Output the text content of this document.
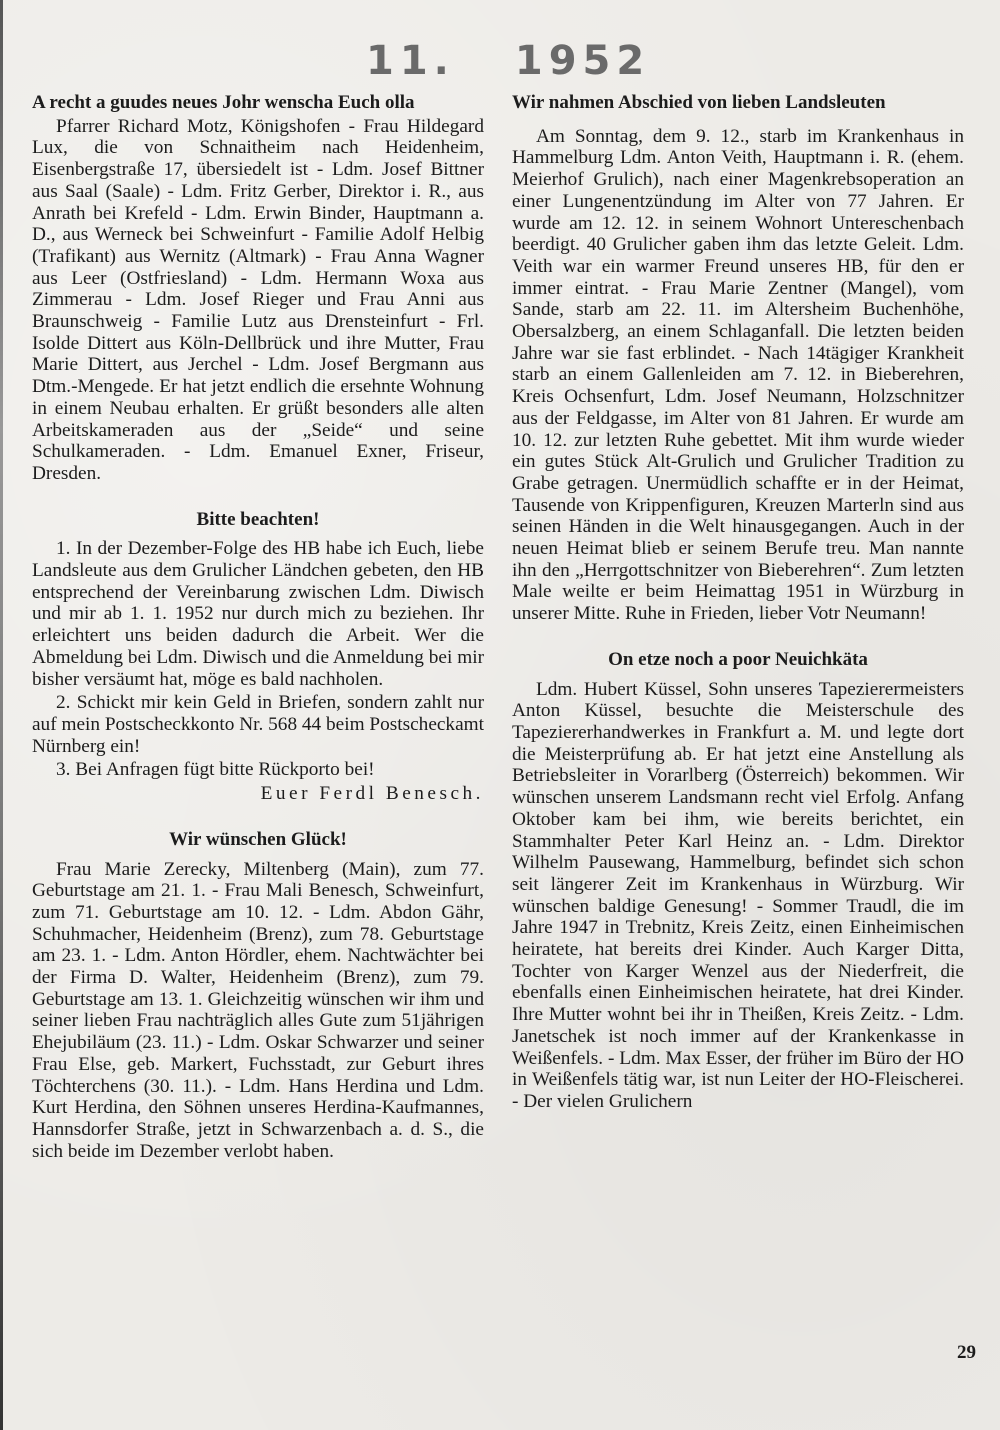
11. 1952
A recht a guudes neues Johr wenscha Euch olla

Pfarrer Richard Motz, Königshofen - Frau Hildegard Lux, die von Schnaitheim nach Heidenheim, Eisenbergstraße 17, übersiedelt ist - Ldm. Josef Bittner aus Saal (Saale) - Ldm. Fritz Gerber, Direktor i. R., aus Anrath bei Krefeld - Ldm. Erwin Binder, Hauptmann a. D., aus Werneck bei Schweinfurt - Familie Adolf Helbig (Trafikant) aus Wernitz (Altmark) - Frau Anna Wagner aus Leer (Ostfriesland) - Ldm. Hermann Woxa aus Zimmerau - Ldm. Josef Rieger und Frau Anni aus Braunschweig - Familie Lutz aus Drensteinfurt - Frl. Isolde Dittert aus Köln-Dellbrück und ihre Mutter, Frau Marie Dittert, aus Jerchel - Ldm. Josef Bergmann aus Dtm.-Mengede. Er hat jetzt endlich die ersehnte Wohnung in einem Neubau erhalten. Er grüßt besonders alle alten Arbeitskameraden aus der „Seide“ und seine Schulkameraden. - Ldm. Emanuel Exner, Friseur, Dresden.

Bitte beachten!

1. In der Dezember-Folge des HB habe ich Euch, liebe Landsleute aus dem Grulicher Ländchen gebeten, den HB entsprechend der Vereinbarung zwischen Ldm. Diwisch und mir ab 1. 1. 1952 nur durch mich zu beziehen. Ihr erleichtert uns beiden dadurch die Arbeit. Wer die Abmeldung bei Ldm. Diwisch und die Anmeldung bei mir bisher versäumt hat, möge es bald nachholen.

2. Schickt mir kein Geld in Briefen, sondern zahlt nur auf mein Postscheckkonto Nr. 568 44 beim Postscheckamt Nürnberg ein!

3. Bei Anfragen fügt bitte Rückporto bei!

Euer Ferdl Benesch.

Wir wünschen Glück!

Frau Marie Zerecky, Miltenberg (Main), zum 77. Geburtstage am 21. 1. - Frau Mali Benesch, Schweinfurt, zum 71. Geburtstage am 10. 12. - Ldm. Abdon Gähr, Schuhmacher, Heidenheim (Brenz), zum 78. Geburtstage am 23. 1. - Ldm. Anton Hördler, ehem. Nachtwächter bei der Firma D. Walter, Heidenheim (Brenz), zum 79. Geburtstage am 13. 1. Gleichzeitig wünschen wir ihm und seiner lieben Frau nachträglich alles Gute zum 51jährigen Ehejubiläum (23. 11.) - Ldm. Oskar Schwarzer und seiner Frau Else, geb. Markert, Fuchsstadt, zur Geburt ihres Töchterchens (30. 11.). - Ldm. Hans Herdina und Ldm. Kurt Herdina, den Söhnen unseres Herdina-Kaufmannes, Hannsdorfer Straße, jetzt in Schwarzenbach a. d. S., die sich beide im Dezember verlobt haben.

Wir nahmen Abschied von lieben Landsleuten

Am Sonntag, dem 9. 12., starb im Krankenhaus in Hammelburg Ldm. Anton Veith, Hauptmann i. R. (ehem. Meierhof Grulich), nach einer Magenkrebsoperation an einer Lungenentzündung im Alter von 77 Jahren. Er wurde am 12. 12. in seinem Wohnort Untereschenbach beerdigt. 40 Grulicher gaben ihm das letzte Geleit. Ldm. Veith war ein warmer Freund unseres HB, für den er immer eintrat. - Frau Marie Zentner (Mangel), vom Sande, starb am 22. 11. im Altersheim Buchenhöhe, Obersalzberg, an einem Schlaganfall. Die letzten beiden Jahre war sie fast erblindet. - Nach 14tägiger Krankheit starb an einem Gallenleiden am 7. 12. in Bieberehren, Kreis Ochsenfurt, Ldm. Josef Neumann, Holzschnitzer aus der Feldgasse, im Alter von 81 Jahren. Er wurde am 10. 12. zur letzten Ruhe gebettet. Mit ihm wurde wieder ein gutes Stück Alt-Grulich und Grulicher Tradition zu Grabe getragen. Unermüdlich schaffte er in der Heimat, Tausende von Krippenfiguren, Kreuzen Marterln sind aus seinen Händen in die Welt hinausgegangen. Auch in der neuen Heimat blieb er seinem Berufe treu. Man nannte ihn den „Herrgottschnitzer von Bieberehren“. Zum letzten Male weilte er beim Heimattag 1951 in Würzburg in unserer Mitte. Ruhe in Frieden, lieber Votr Neumann!

On etze noch a poor Neuichkäta

Ldm. Hubert Küssel, Sohn unseres Tapezierermeisters Anton Küssel, besuchte die Meisterschule des Tapeziererhandwerkes in Frankfurt a. M. und legte dort die Meisterprüfung ab. Er hat jetzt eine Anstellung als Betriebsleiter in Vorarlberg (Österreich) bekommen. Wir wünschen unserem Landsmann recht viel Erfolg. Anfang Oktober kam bei ihm, wie bereits berichtet, ein Stammhalter Peter Karl Heinz an. - Ldm. Direktor Wilhelm Pausewang, Hammelburg, befindet sich schon seit längerer Zeit im Krankenhaus in Würzburg. Wir wünschen baldige Genesung! - Sommer Traudl, die im Jahre 1947 in Trebnitz, Kreis Zeitz, einen Einheimischen heiratete, hat bereits drei Kinder. Auch Karger Ditta, Tochter von Karger Wenzel aus der Niederfreit, die ebenfalls einen Einheimischen heiratete, hat drei Kinder. Ihre Mutter wohnt bei ihr in Theißen, Kreis Zeitz. - Ldm. Janetschek ist noch immer auf der Krankenkasse in Weißenfels. - Ldm. Max Esser, der früher im Büro der HO in Weißenfels tätig war, ist nun Leiter der HO-Fleischerei. - Der vielen Grulichern

29
